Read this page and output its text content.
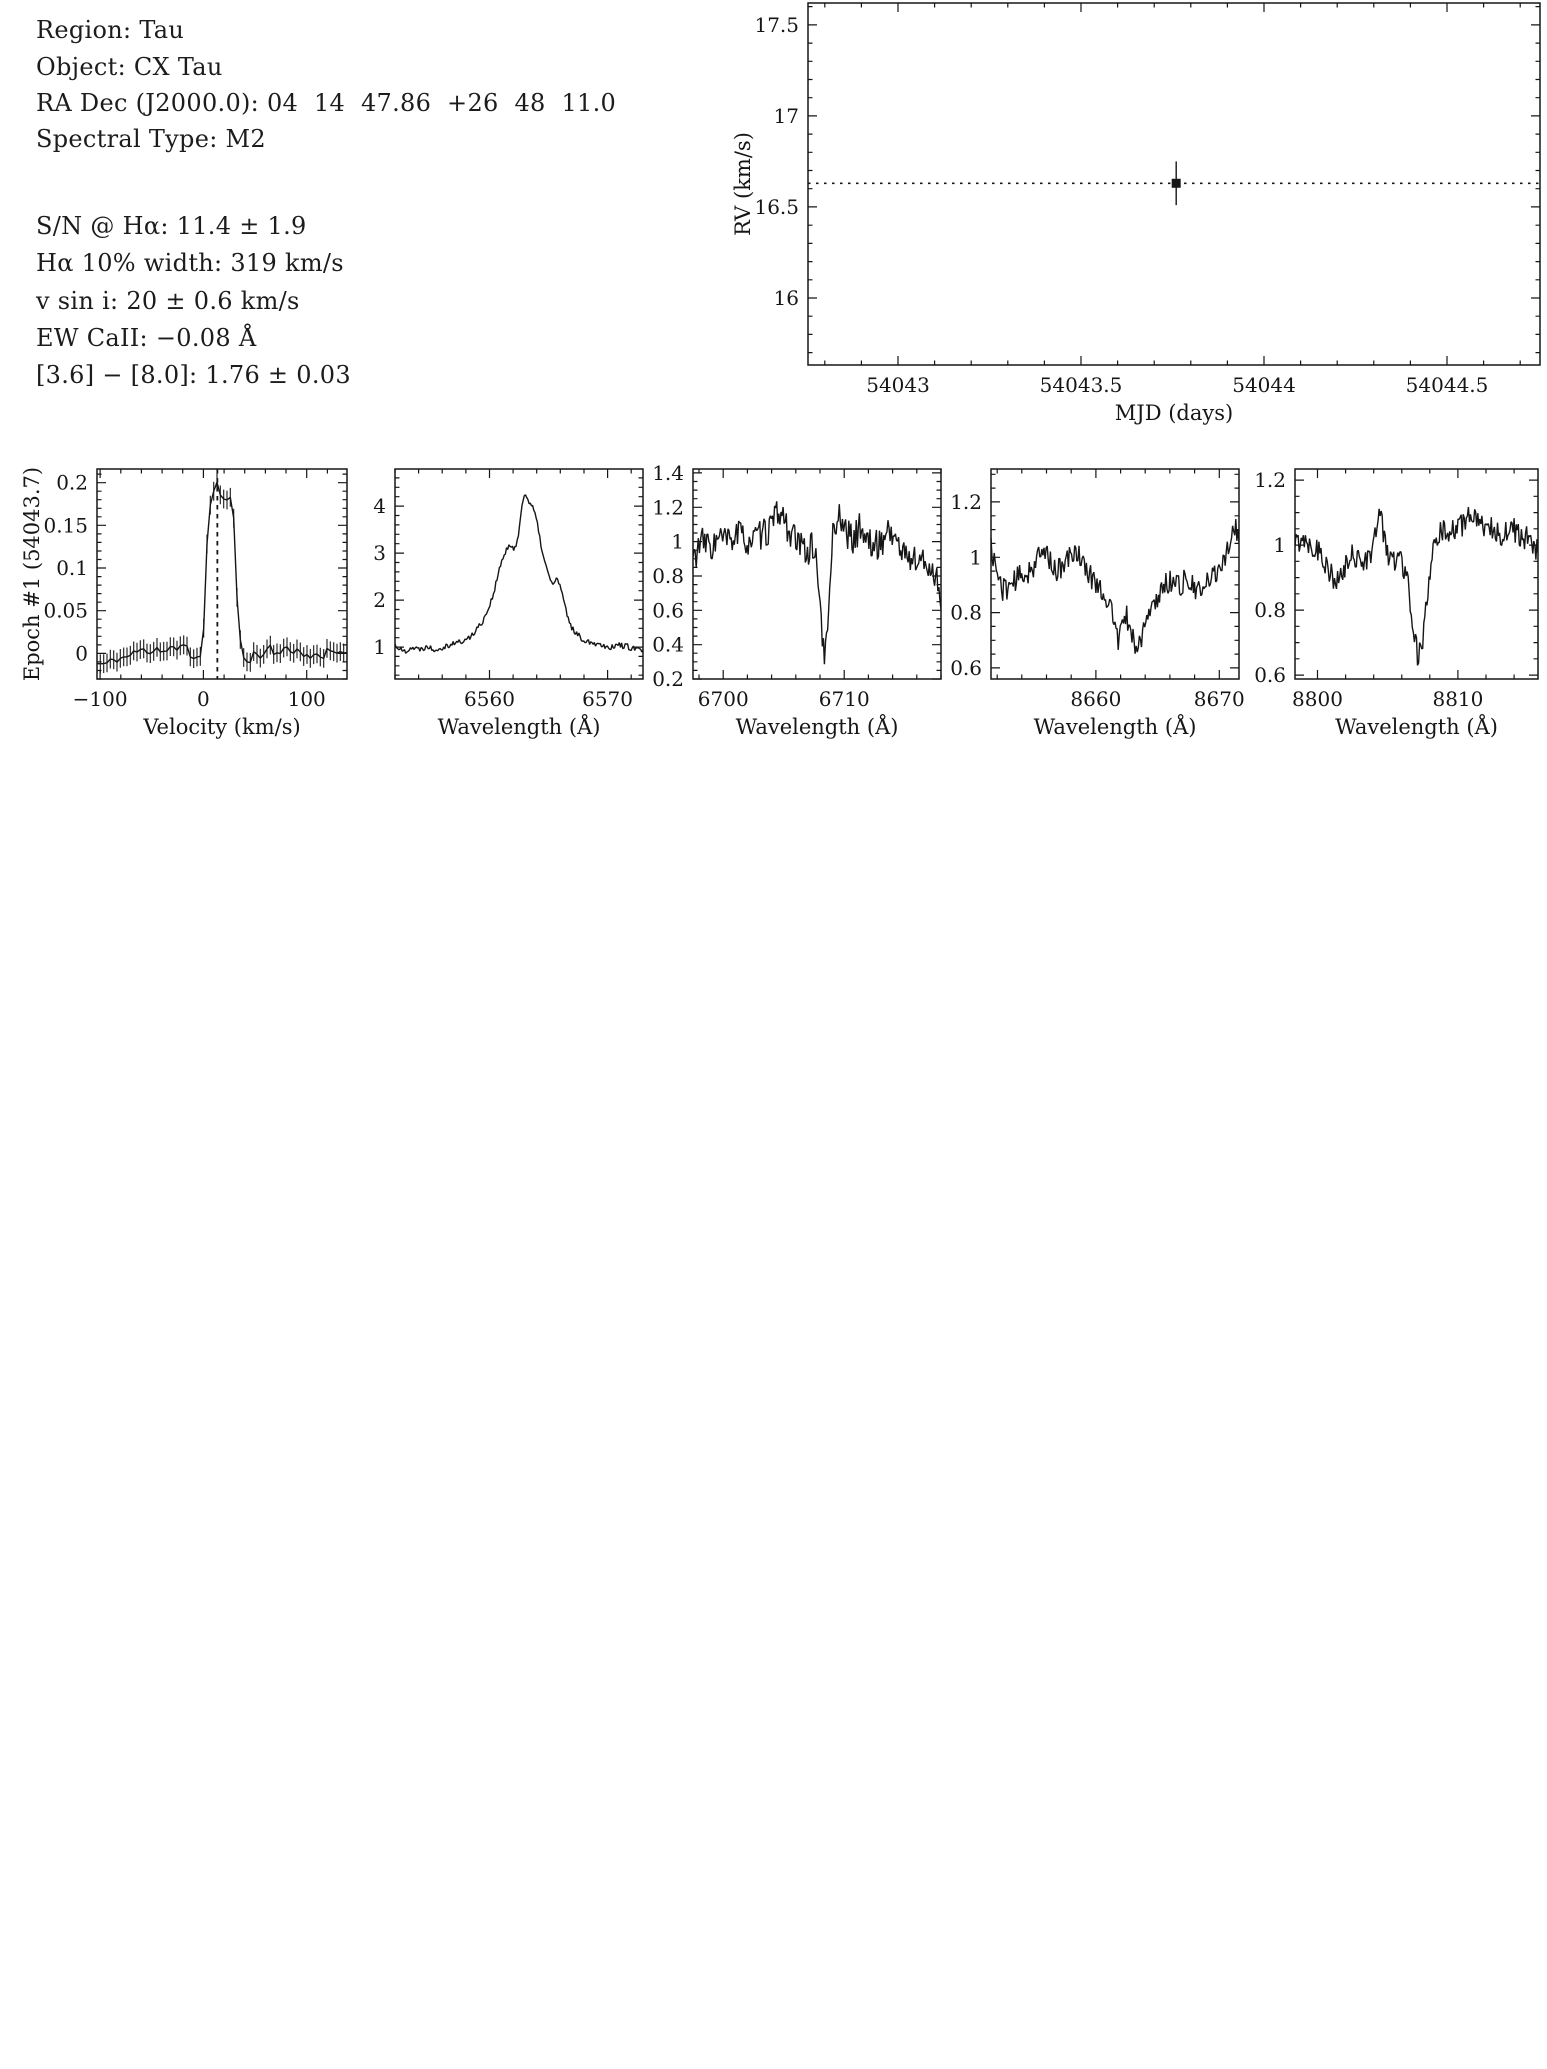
Region: Tau
Object: CX Tau
RA Dec (J2000.0): 04  14  47.86  +26  48  11.0
Spectral Type: M2
S/N @ Hα: 11.4 ± 1.9
Hα 10% width: 319 km/s
v sin i: 20 ± 0.6 km/s
EW CaII: −0.08 Å
[3.6] − [8.0]: 1.76 ± 0.03	54043	54043.5	54044	54044.5
16
16.5
17
17.5
MJD (days)
RV (km/s)
−100	0	100
0
0.05
0.1
0.15
0.2
Velocity (km/s)
Epoch #1 (54043.7)
6560	6570
1
2
3
4
Wavelength (Å)
6700	6710
0.2
0.4
0.6
0.8
1
1.2
1.4
Wavelength (Å)
8660	8670
0.6
0.8
1
1.2
Wavelength (Å)
8800	8810
0.6
0.8
1
1.2
Wavelength (Å)
